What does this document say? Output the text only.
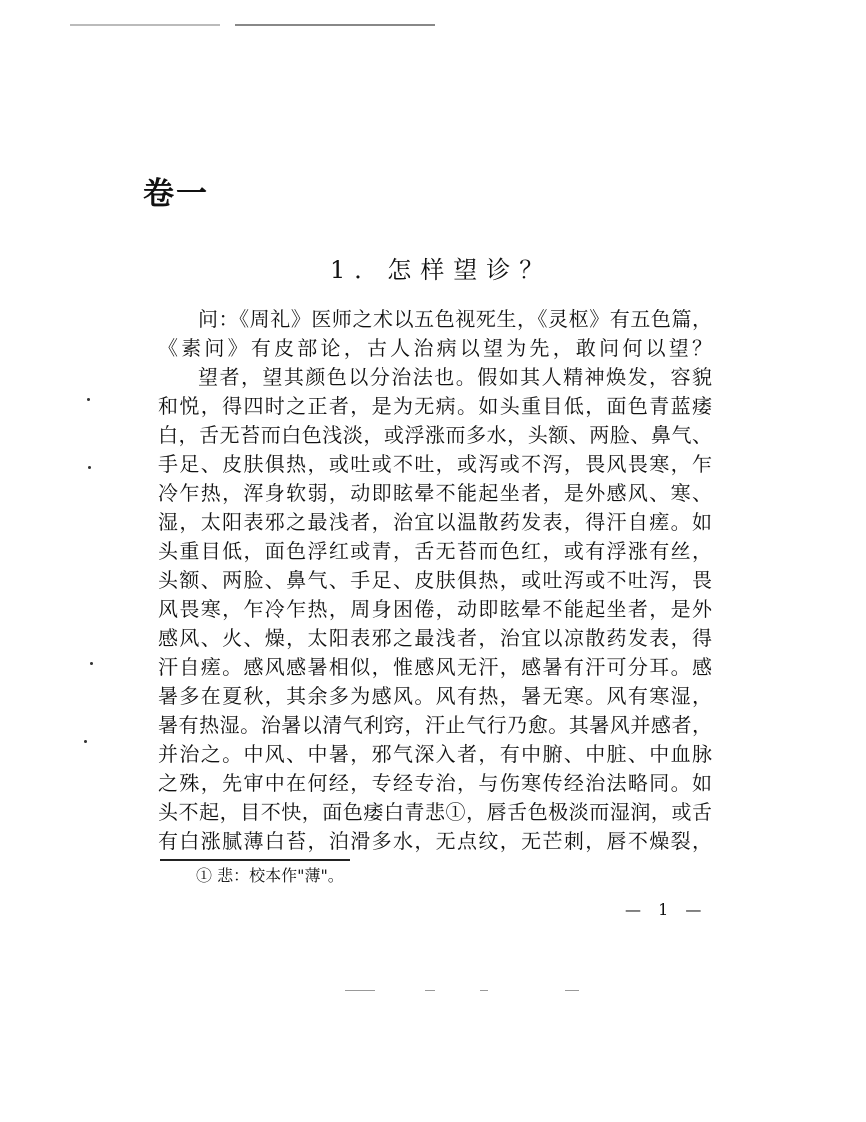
卷一
1．怎样望诊？
问：《周礼》医师之术以五色视死生，《灵枢》有五色篇，
《素问》有皮部论，古人治病以望为先，敢问何以望？
望者，望其颜色以分治法也。假如其人精神焕发，容貌
和悦，得四时之正者，是为无病。如头重目低，面色青蓝痿
白，舌无苔而白色浅淡，或浮涨而多水，头额、两脸、鼻气、
手足、皮肤俱热，或吐或不吐，或泻或不泻，畏风畏寒，乍
冷乍热，浑身软弱，动即眩晕不能起坐者，是外感风、寒、
湿，太阳表邪之最浅者，治宜以温散药发表，得汗自瘥。如
头重目低，面色浮红或青，舌无苔而色红，或有浮涨有丝，
头额、两脸、鼻气、手足、皮肤俱热，或吐泻或不吐泻，畏
风畏寒，乍冷乍热，周身困倦，动即眩晕不能起坐者，是外
感风、火、燥，太阳表邪之最浅者，治宜以凉散药发表，得
汗自瘥。感风感暑相似，惟感风无汗，感暑有汗可分耳。感
暑多在夏秋，其余多为感风。风有热，暑无寒。风有寒湿，
暑有热湿。治暑以清气利窍，汗止气行乃愈。其暑风并感者，
并治之。中风、中暑，邪气深入者，有中腑、中脏、中血脉
之殊，先审中在何经，专经专治，与伤寒传经治法略同。如
头不起，目不快，面色痿白青悲①，唇舌色极淡而湿润，或舌
有白涨腻薄白苔，泊滑多水，无点纹，无芒刺，唇不燥裂，
① 悲：校本作"薄"。
— 1 —
